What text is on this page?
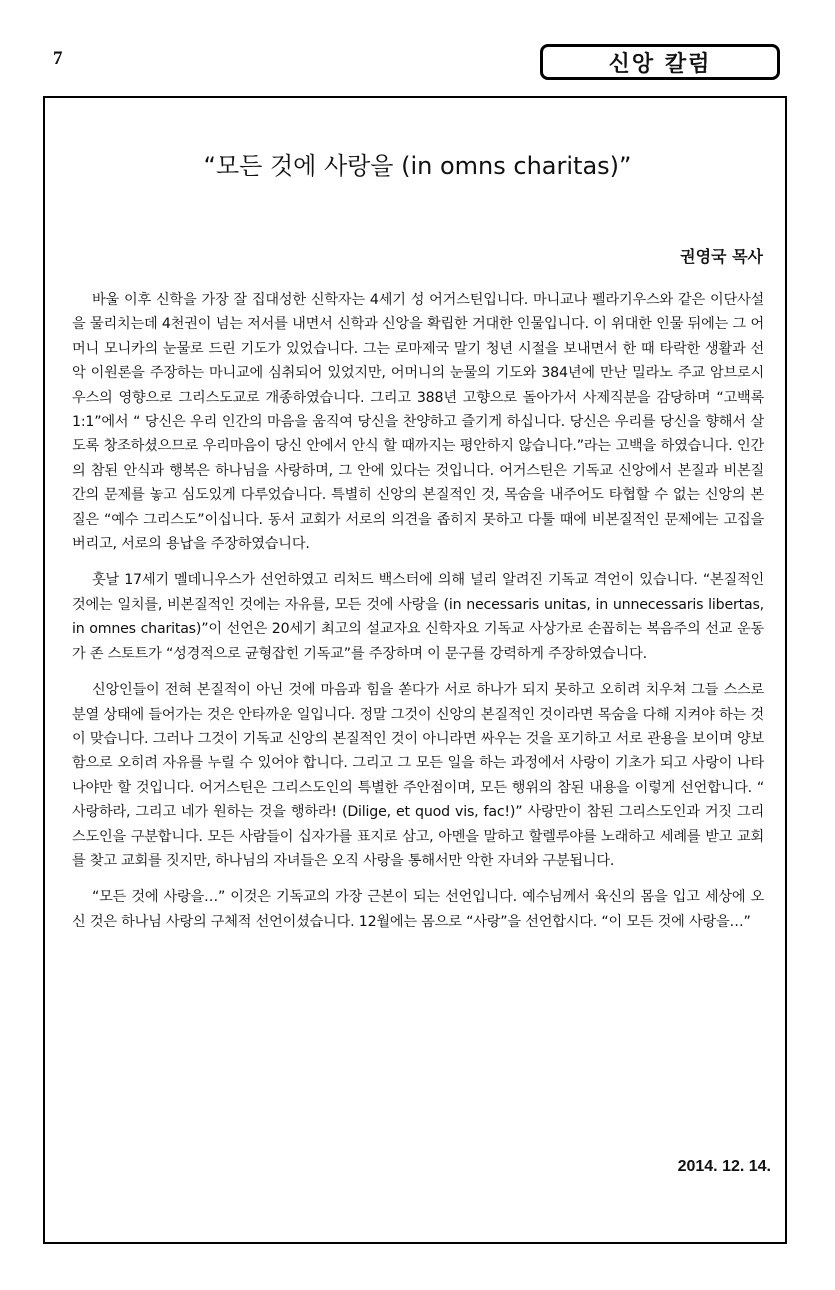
7	신앙 칼럼
“모든 것에 사랑을 (in omns charitas)”
권영국 목사

바울 이후 신학을 가장 잘 집대성한 신학자는 4세기 성 어거스틴입니다. 마니교나 펠라기우스와 같은 이단사설을 물리치는데 4천권이 넘는 저서를 내면서 신학과 신앙을 확립한 거대한 인물입니다. 이 위대한 인물 뒤에는 그 어머니 모니카의 눈물로 드린 기도가 있었습니다. 그는 로마제국 말기 청년 시절을 보내면서 한 때 타락한 생활과 선악 이원론을 주장하는 마니교에 심취되어 있었지만, 어머니의 눈물의 기도와 384년에 만난 밀라노 주교 암브로시우스의 영향으로 그리스도교로 개종하였습니다. 그리고 388년 고향으로 돌아가서 사제직분을 감당하며 “고백록 1:1”에서 “ 당신은 우리 인간의 마음을 움직여 당신을 찬양하고 즐기게 하십니다. 당신은 우리를 당신을 향해서 살도록 창조하셨으므로 우리마음이 당신 안에서 안식 할 때까지는 평안하지 않습니다.”라는 고백을 하였습니다. 인간의 참된 안식과 행복은 하나님을 사랑하며, 그 안에 있다는 것입니다. 어거스틴은 기독교 신앙에서 본질과 비본질 간의 문제를 놓고 심도있게 다루었습니다. 특별히 신앙의 본질적인 것, 목숨을 내주어도 타협할 수 없는 신앙의 본질은 “예수 그리스도”이십니다. 동서 교회가 서로의 의견을 좁히지 못하고 다툴 때에 비본질적인 문제에는 고집을 버리고, 서로의 용납을 주장하였습니다.

훗날 17세기 멜데니우스가 선언하였고 리처드 백스터에 의해 널리 알려진 기독교 격언이 있습니다. “본질적인 것에는 일치를, 비본질적인 것에는 자유를, 모든 것에 사랑을 (in necessaris unitas, in unnecessaris libertas, in omnes charitas)”이 선언은 20세기 최고의 설교자요 신학자요 기독교 사상가로 손꼽히는 복음주의 선교 운동가 존 스토트가 “성경적으로 균형잡힌 기독교”를 주장하며 이 문구를 강력하게 주장하였습니다.

신앙인들이 전혀 본질적이 아닌 것에 마음과 힘을 쏟다가 서로 하나가 되지 못하고 오히려 치우쳐 그들 스스로 분열 상태에 들어가는 것은 안타까운 일입니다. 정말 그것이 신앙의 본질적인 것이라면 목숨을 다해 지켜야 하는 것이 맞습니다. 그러나 그것이 기독교 신앙의 본질적인 것이 아니라면 싸우는 것을 포기하고 서로 관용을 보이며 양보함으로 오히려 자유를 누릴 수 있어야 합니다. 그리고 그 모든 일을 하는 과정에서 사랑이 기초가 되고 사랑이 나타나야만 할 것입니다. 어거스틴은 그리스도인의 특별한 주안점이며, 모든 행위의 참된 내용을 이렇게 선언합니다. “ 사랑하라, 그리고 네가 원하는 것을 행하라! (Dilige, et quod vis, fac!)” 사랑만이 참된 그리스도인과 거짓 그리스도인을 구분합니다. 모든 사람들이 십자가를 표지로 삼고, 아멘을 말하고 할렐루야를 노래하고 세례를 받고 교회를 찾고 교회를 짓지만, 하나님의 자녀들은 오직 사랑을 통해서만 악한 자녀와 구분됩니다.

“모든 것에 사랑을…” 이것은 기독교의 가장 근본이 되는 선언입니다. 예수님께서 육신의 몸을 입고 세상에 오신 것은 하나님 사랑의 구체적 선언이셨습니다. 12월에는 몸으로 “사랑”을 선언합시다. “이 모든 것에 사랑을…”

2014. 12. 14.
